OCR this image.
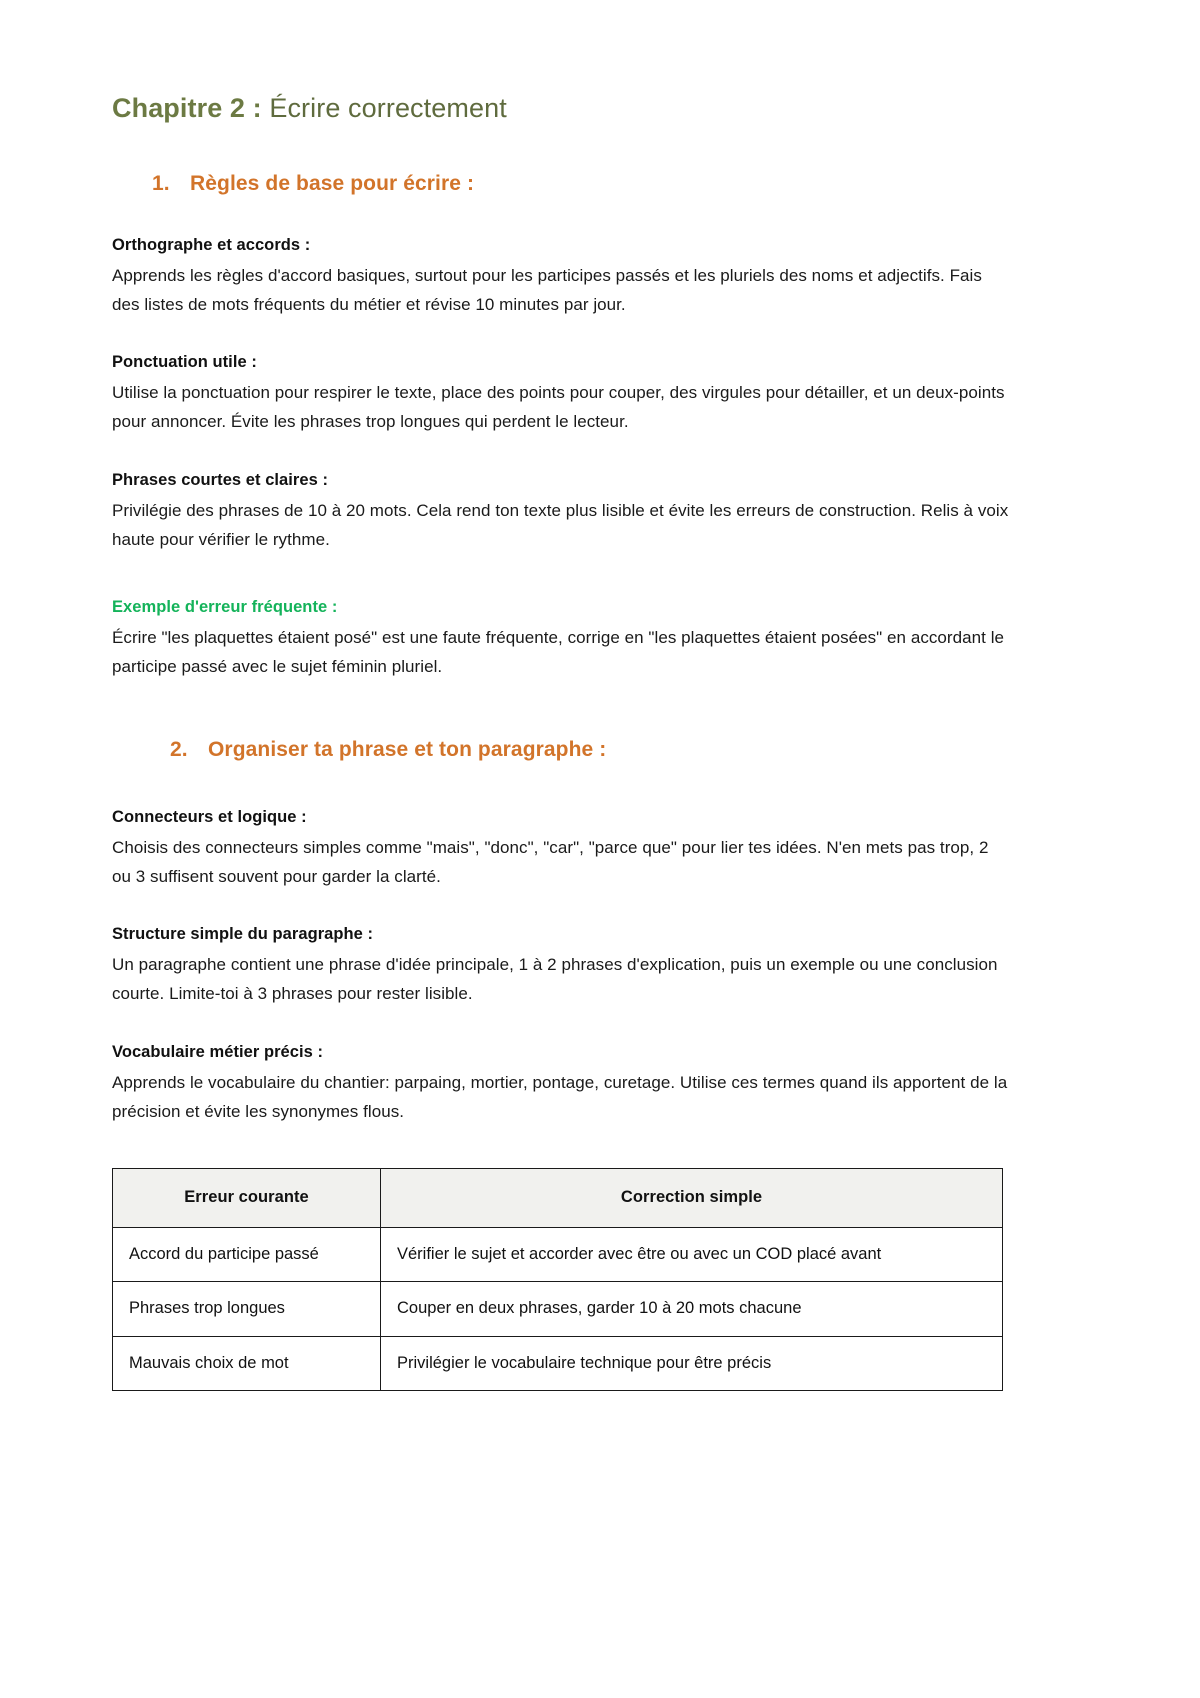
Chapitre 2 : Écrire correctement
1. Règles de base pour écrire :
Orthographe et accords :

Apprends les règles d'accord basiques, surtout pour les participes passés et les pluriels des noms et adjectifs. Fais des listes de mots fréquents du métier et révise 10 minutes par jour.

Ponctuation utile :

Utilise la ponctuation pour respirer le texte, place des points pour couper, des virgules pour détailler, et un deux-points pour annoncer. Évite les phrases trop longues qui perdent le lecteur.

Phrases courtes et claires :

Privilégie des phrases de 10 à 20 mots. Cela rend ton texte plus lisible et évite les erreurs de construction. Relis à voix haute pour vérifier le rythme.

Exemple d'erreur fréquente :

Écrire "les plaquettes étaient posé" est une faute fréquente, corrige en "les plaquettes étaient posées" en accordant le participe passé avec le sujet féminin pluriel.

2. Organiser ta phrase et ton paragraphe :
Connecteurs et logique :

Choisis des connecteurs simples comme "mais", "donc", "car", "parce que" pour lier tes idées. N'en mets pas trop, 2 ou 3 suffisent souvent pour garder la clarté.

Structure simple du paragraphe :

Un paragraphe contient une phrase d'idée principale, 1 à 2 phrases d'explication, puis un exemple ou une conclusion courte. Limite-toi à 3 phrases pour rester lisible.

Vocabulaire métier précis :

Apprends le vocabulaire du chantier: parpaing, mortier, pontage, curetage. Utilise ces termes quand ils apportent de la précision et évite les synonymes flous.

Erreur courante	Correction simple
Accord du participe passé	Vérifier le sujet et accorder avec être ou avec un COD placé avant
Phrases trop longues	Couper en deux phrases, garder 10 à 20 mots chacune
Mauvais choix de mot	Privilégier le vocabulaire technique pour être précis
